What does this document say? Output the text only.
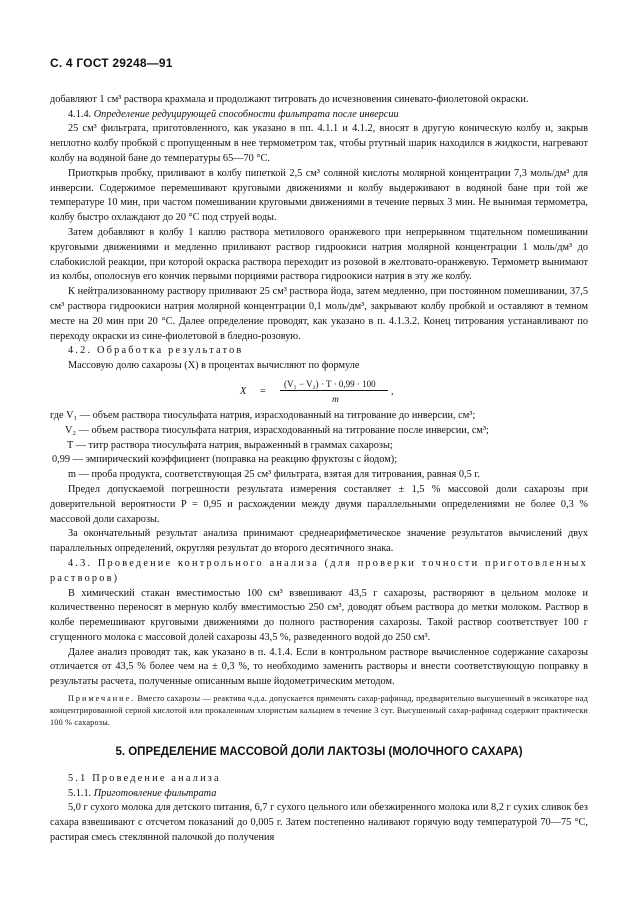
С. 4 ГОСТ 29248—91

добавляют 1 см³ раствора крахмала и продолжают титровать до исчезновения синевато-фиолетовой окраски.

4.1.4. Определение редуцирующей способности фильтрата после инверсии

25 см³ фильтрата, приготовленного, как указано в пп. 4.1.1 и 4.1.2, вносят в другую коническую колбу и, закрыв неплотно колбу пробкой с пропущенным в нее термометром так, чтобы ртутный шарик находился в жидкости, нагревают колбу на водяной бане до температуры 65—70 °С.

Приоткрыв пробку, приливают в колбу пипеткой 2,5 см³ соляной кислоты молярной концентрации 7,3 моль/дм³ для инверсии. Содержимое перемешивают круговыми движениями и колбу выдерживают в водяной бане при той же температуре 10 мин, при частом помешивании круговыми движениями в течение первых 3 мин. Не вынимая термометра, колбу быстро охлаждают до 20 °С под струей воды.

Затем добавляют в колбу 1 каплю раствора метилового оранжевого при непрерывном тщательном помешивании круговыми движениями и медленно приливают раствор гидроокиси натрия молярной концентрации 1 моль/дм³ до слабокислой реакции, при которой окраска раствора переходит из розовой в желтовато-оранжевую. Термометр вынимают из колбы, ополоснув его кончик первыми порциями раствора гидроокиси натрия в эту же колбу.

К нейтрализованному раствору приливают 25 см³ раствора йода, затем медленно, при постоянном помешивании, 37,5 см³ раствора гидроокиси натрия молярной концентрации 0,1 моль/дм³, закрывают колбу пробкой и оставляют в темном месте на 20 мин при 20 °С. Далее определение проводят, как указано в п. 4.1.3.2. Конец титрования устанавливают по переходу окраски из сине-фиолетовой в бледно-розовую.

4.2. Обработка результатов

Массовую долю сахарозы (X) в процентах вычисляют по формуле

X =
(V₁ − V₂) · T · 0,99 · 100
m
,

где V₁ — объем раствора тиосульфата натрия, израсходованный на титрование до инверсии, см³;

V₂ — объем раствора тиосульфата натрия, израсходованный на титрование после инверсии, см³;

T — титр раствора тиосульфата натрия, выраженный в граммах сахарозы;

0,99 — эмпирический коэффициент (поправка на реакцию фруктозы с йодом);

m — проба продукта, соответствующая 25 см³ фильтрата, взятая для титрования, равная 0,5 г.

Предел допускаемой погрешности результата измерения составляет ± 1,5 % массовой доли сахарозы при доверительной вероятности P = 0,95 и расхождении между двумя параллельными определениями не более 0,3 % массовой доли сахарозы.

За окончательный результат анализа принимают среднеарифметическое значение результатов вычислений двух параллельных определений, округляя результат до второго десятичного знака.

4.3. Проведение контрольного анализа (для проверки точности приготовленных растворов)

В химический стакан вместимостью 100 см³ взвешивают 43,5 г сахарозы, растворяют в цельном молоке и количественно переносят в мерную колбу вместимостью 250 см³, доводят объем раствора до метки молоком. Раствор в колбе перемешивают круговыми движениями до полного растворения сахарозы. Такой раствор соответствует 100 г сгущенного молока с массовой долей сахарозы 43,5 %, разведенного водой до 250 см³.

Далее анализ проводят так, как указано в п. 4.1.4. Если в контрольном растворе вычисленное содержание сахарозы отличается от 43,5 % более чем на ± 0,3 %, то необходимо заменить растворы и внести соответствующую поправку в результаты расчета, полученные описанным выше йодометрическим методом.

Примечание. Вместо сахарозы — реактива ч.д.а. допускается применять сахар-рафинад, предварительно высушенный в эксикаторе над концентрированной серной кислотой или прокаленным хлористым кальцием в течение 3 сут. Высушенный сахар-рафинад содержит практически 100 % сахарозы.

5. ОПРЕДЕЛЕНИЕ МАССОВОЙ ДОЛИ ЛАКТОЗЫ (МОЛОЧНОГО САХАРА)

5.1 Проведение анализа

5.1.1. Приготовление фильтрата

5,0 г сухого молока для детского питания, 6,7 г сухого цельного или обезжиренного молока или 8,2 г сухих сливок без сахара взвешивают с отсчетом показаний до 0,005 г. Затем постепенно наливают горячую воду температурой 70—75 °С, растирая смесь стеклянной палочкой до получения
